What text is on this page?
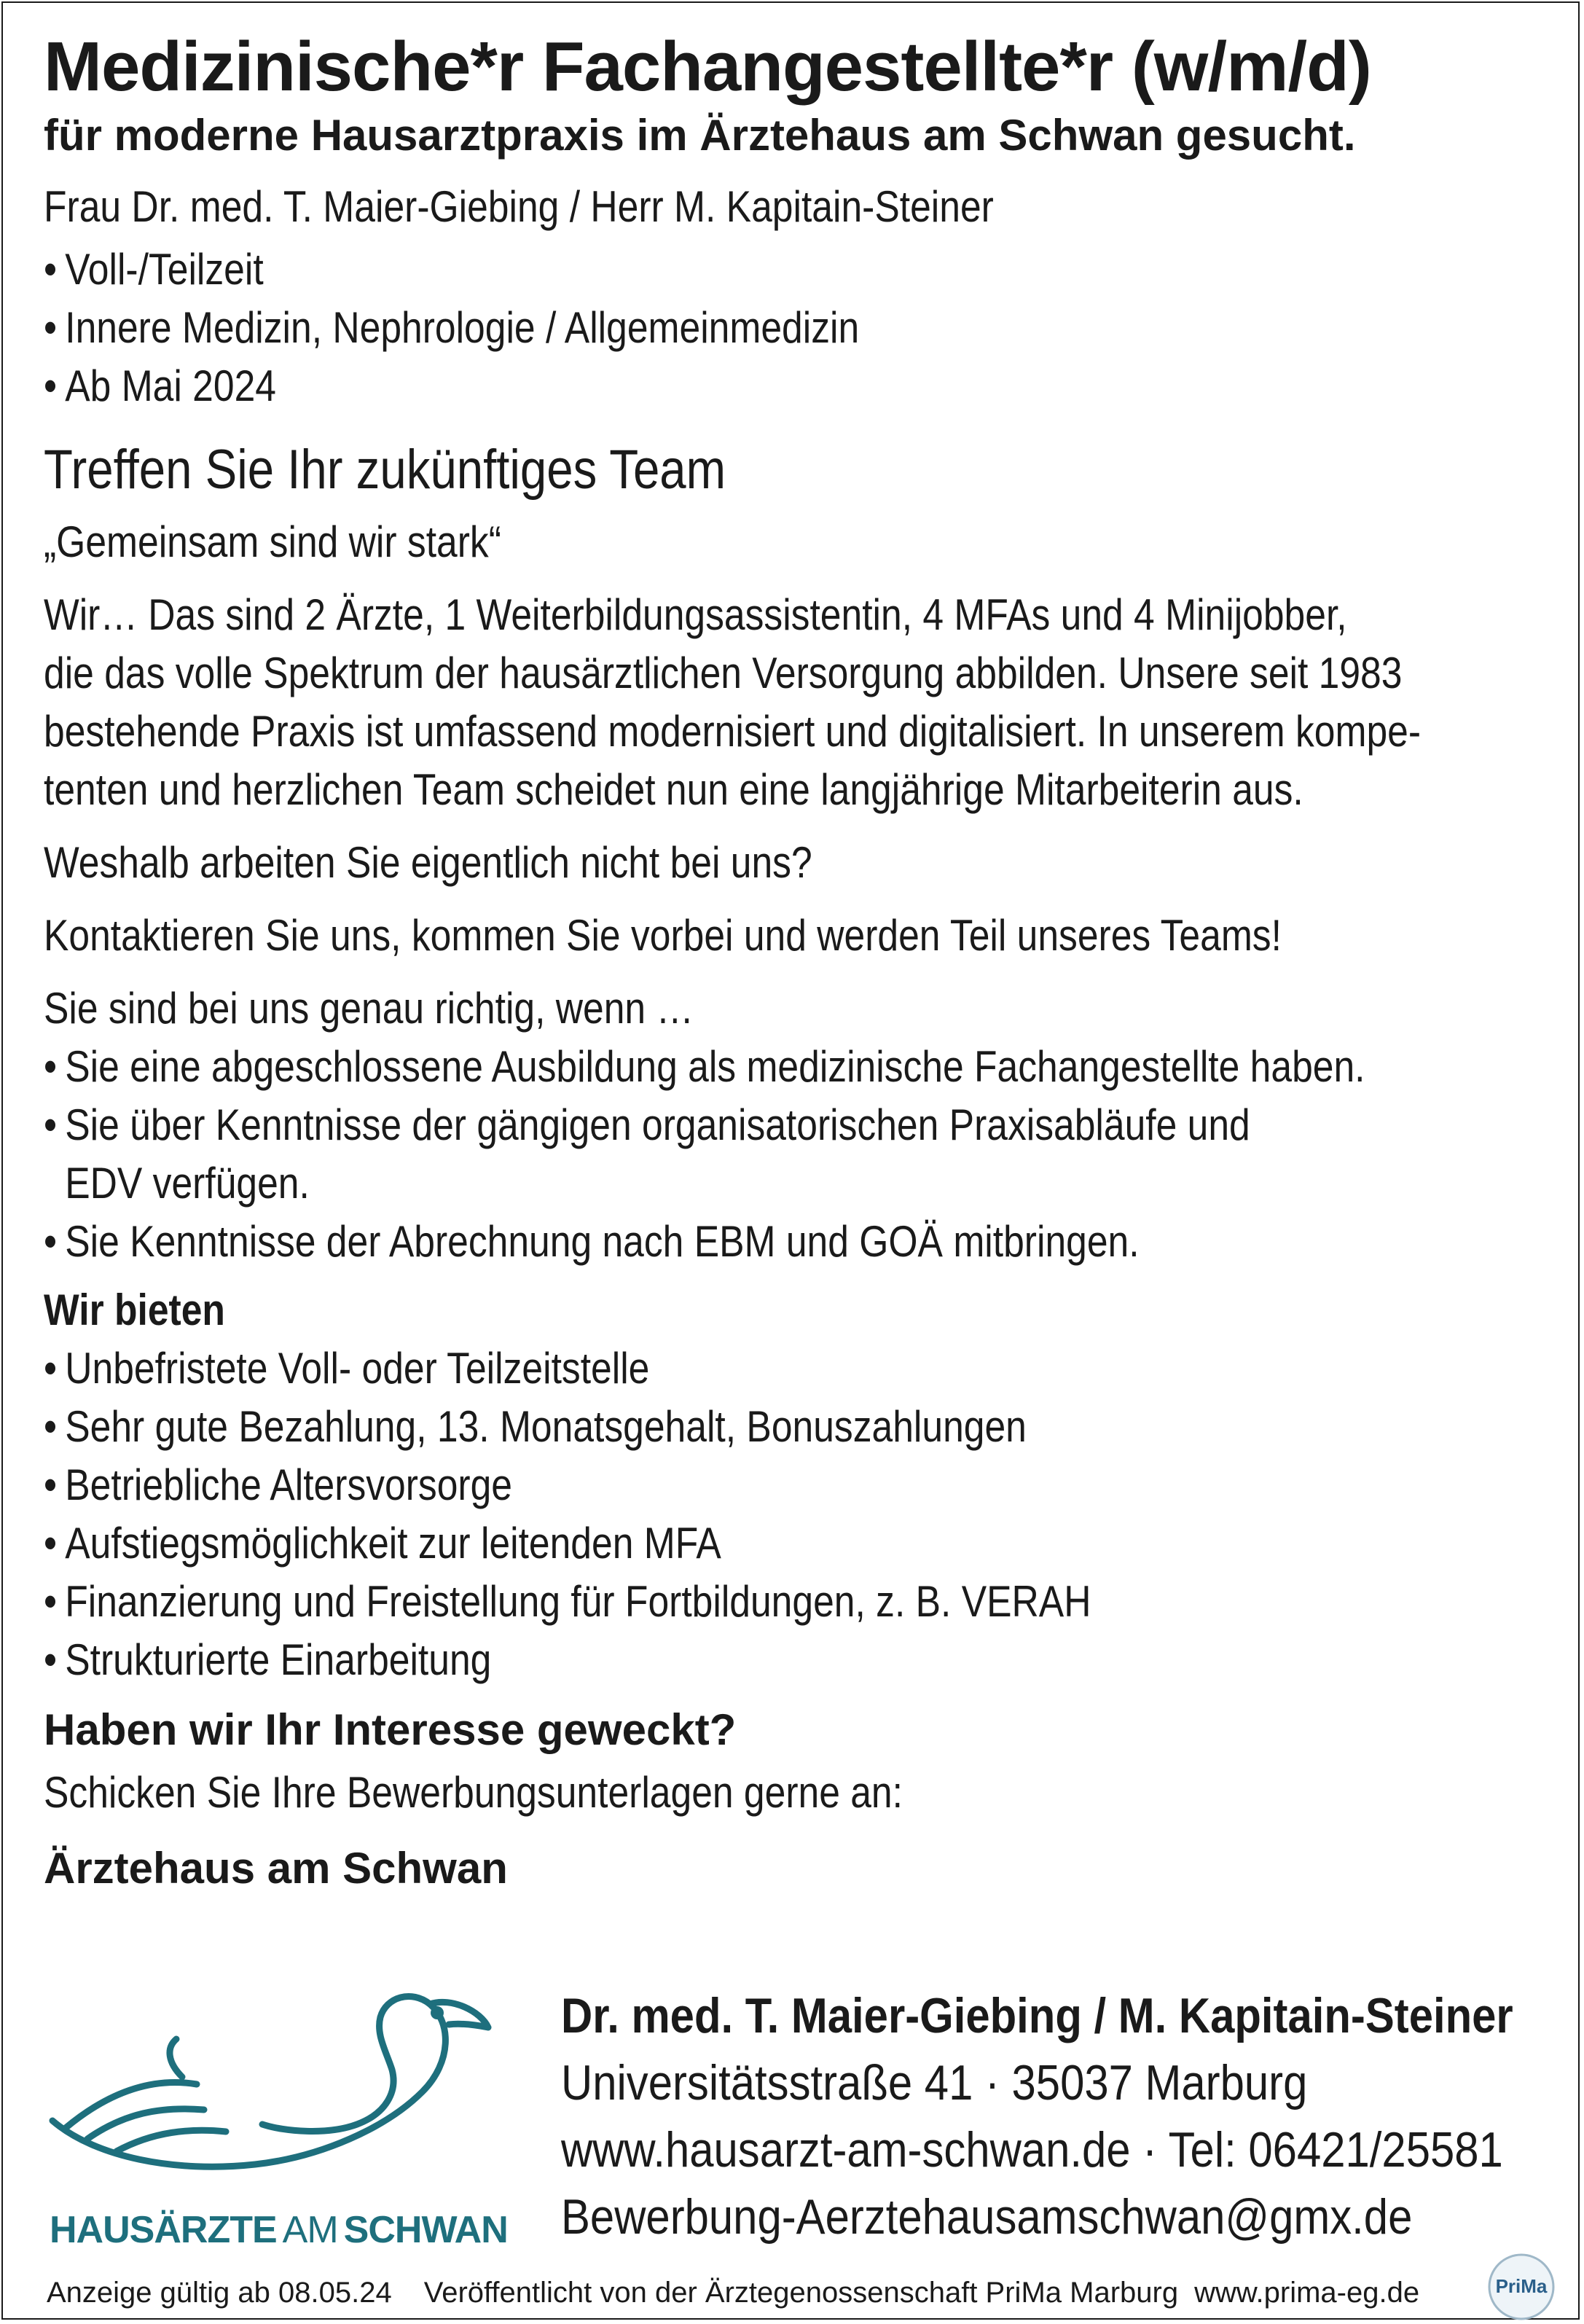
Medizinische*r Fachangestellte*r (w/m/d)
für moderne Hausarztpraxis im Ärztehaus am Schwan gesucht.
Frau Dr. med. T. Maier-Giebing / Herr M. Kapitain-Steiner
• Voll-/Teilzeit
• Innere Medizin, Nephrologie / Allgemeinmedizin
• Ab Mai 2024
Treffen Sie Ihr zukünftiges Team
„Gemeinsam sind wir stark“
Wir… Das sind 2 Ärzte, 1 Weiterbildungsassistentin, 4 MFAs und 4 Minijobber,
die das volle Spektrum der hausärztlichen Versorgung abbilden. Unsere seit 1983
bestehende Praxis ist umfassend modernisiert und digitalisiert. In unserem kompe-
tenten und herzlichen Team scheidet nun eine langjährige Mitarbeiterin aus.
Weshalb arbeiten Sie eigentlich nicht bei uns?
Kontaktieren Sie uns, kommen Sie vorbei und werden Teil unseres Teams!
Sie sind bei uns genau richtig, wenn …
• Sie eine abgeschlossene Ausbildung als medizinische Fachangestellte haben.
• Sie über Kenntnisse der gängigen organisatorischen Praxisabläufe und EDV verfügen.
• Sie Kenntnisse der Abrechnung nach EBM und GOÄ mitbringen.
Wir bieten
• Unbefristete Voll- oder Teilzeitstelle
• Sehr gute Bezahlung, 13. Monatsgehalt, Bonuszahlungen
• Betriebliche Altersvorsorge
• Aufstiegsmöglichkeit zur leitenden MFA
• Finanzierung und Freistellung für Fortbildungen, z. B. VERAH
• Strukturierte Einarbeitung
Haben wir Ihr Interesse geweckt?
Schicken Sie Ihre Bewerbungsunterlagen gerne an:
Ärztehaus am Schwan
HAUSÄRZTE AM SCHWAN
Dr. med. T. Maier-Giebing / M. Kapitain-Steiner
Universitätsstraße 41 · 35037 Marburg
www.hausarzt-am-schwan.de · Tel: 06421/25581
Bewerbung-Aerztehausamschwan@gmx.de
Anzeige gültig ab 08.05.24 Veröffentlicht von der Ärztegenossenschaft PriMa Marburg www.prima-eg.de	PriMa
